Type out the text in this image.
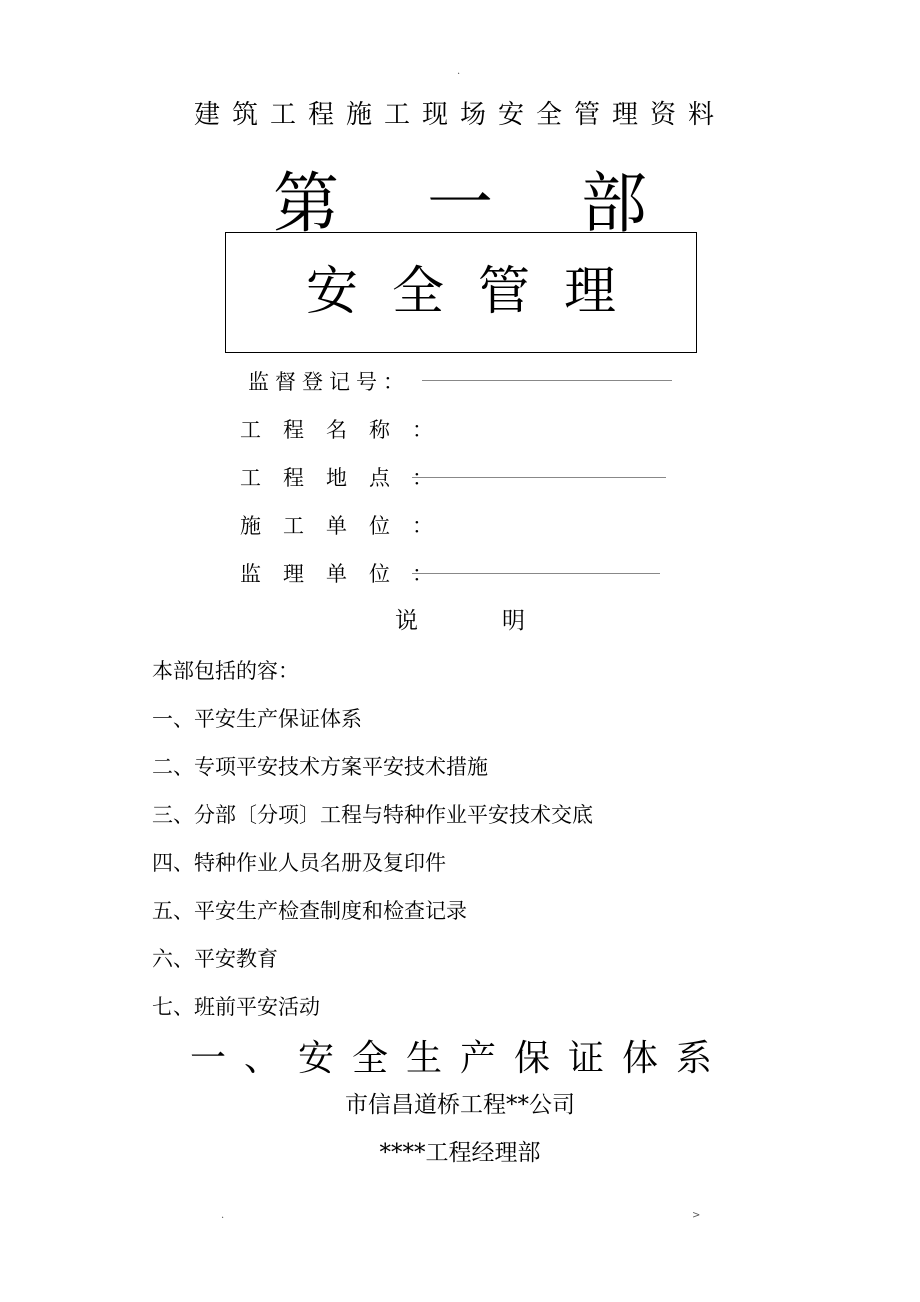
.
建筑工程施工现场安全管理资料
第一部
安全管理
监督登记号：
工程名称：
工程地点：
施工单位：
监理单位：
说明
本部包括的容：
一、平安生产保证体系
二、专项平安技术方案平安技术措施
三、分部〔分项〕工程与特种作业平安技术交底
四、特种作业人员名册及复印件
五、平安生产检查制度和检查记录
六、平安教育
七、班前平安活动
一、安全生产保证体系
市信昌道桥工程**公司
****工程经理部
.	>
